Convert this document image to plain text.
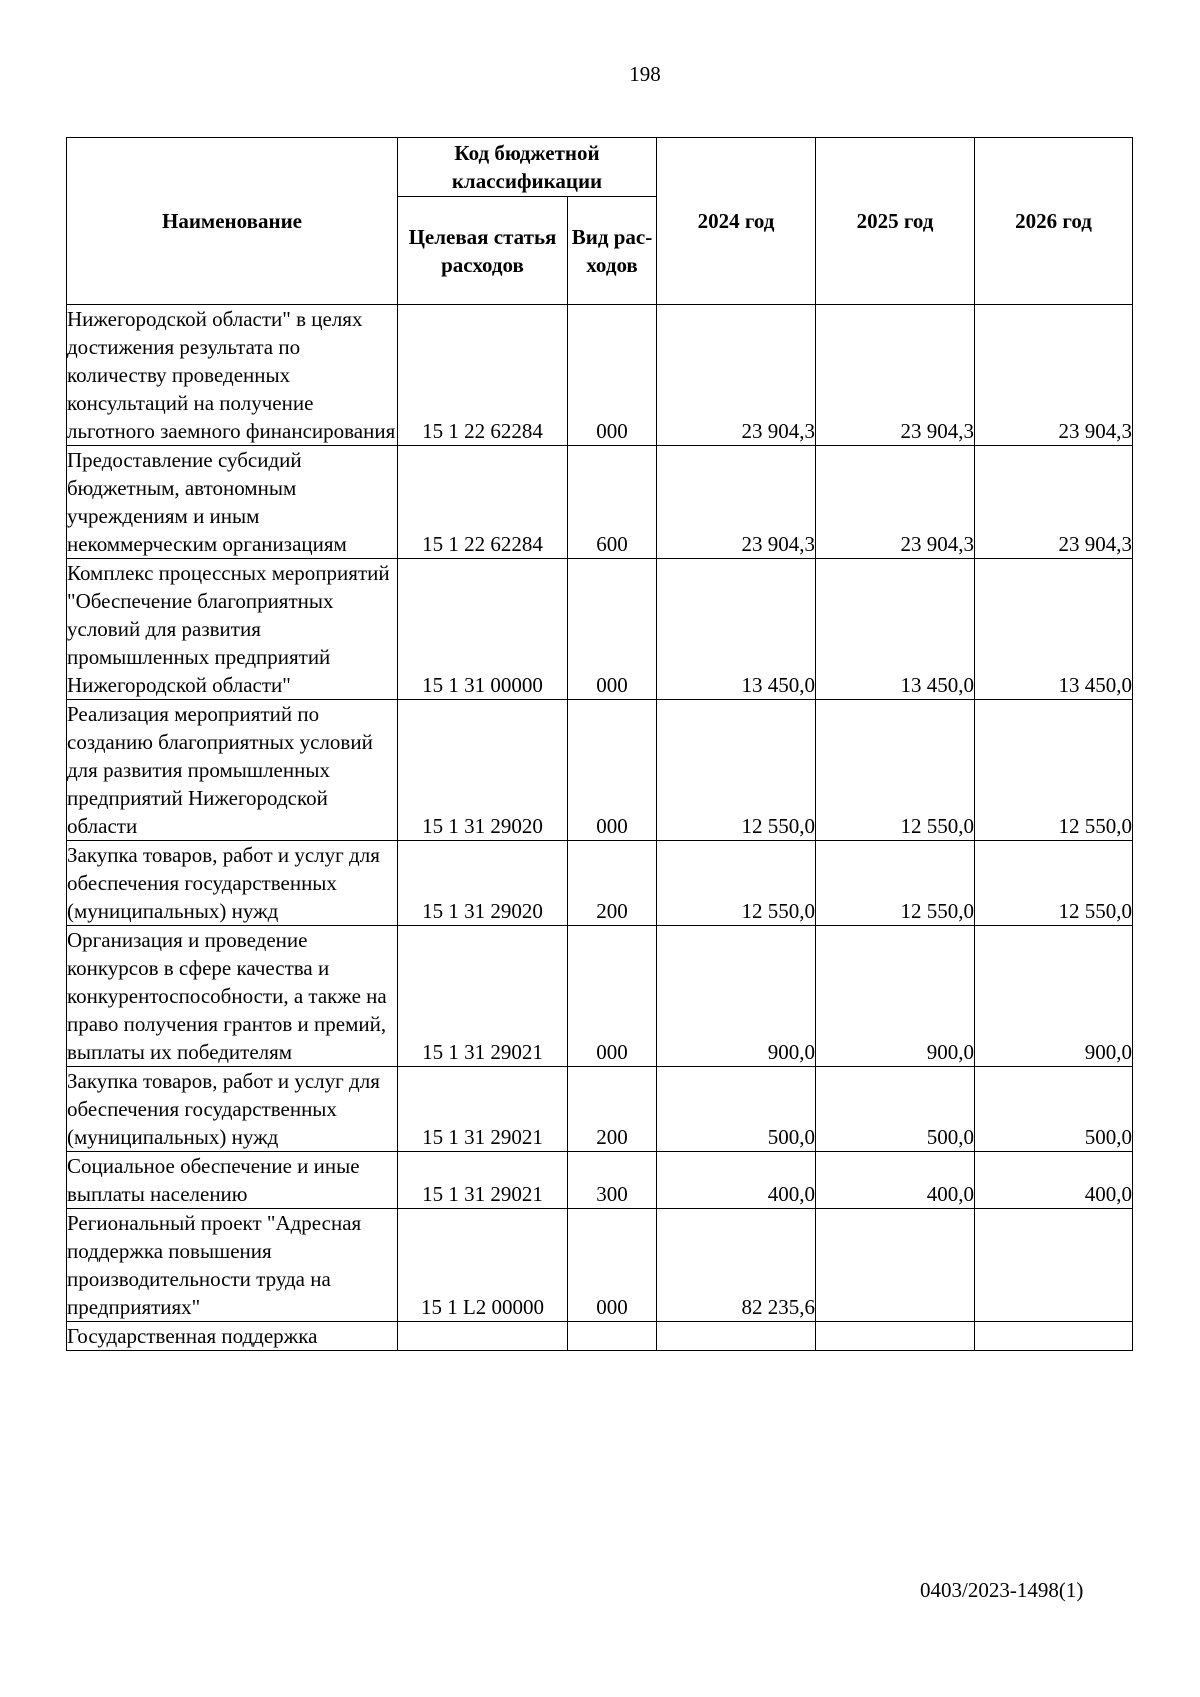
198
Наименование	Код бюджетной классификации		2024 год	2025 год	2026 год
	Целевая статья расходов	Вид рас- ходов			
Нижегородской области" в целях достижения результата по количеству проведенных консультаций на получение льготного заемного финансирования	15 1 22 62284	000	23 904,3	23 904,3	23 904,3
Предоставление субсидий бюджетным, автономным учреждениям и иным некоммерческим организациям	15 1 22 62284	600	23 904,3	23 904,3	23 904,3
Комплекс процессных мероприятий "Обеспечение благоприятных условий для развития промышленных предприятий Нижегородской области"	15 1 31 00000	000	13 450,0	13 450,0	13 450,0
Реализация мероприятий по созданию благоприятных условий для развития промышленных предприятий Нижегородской области	15 1 31 29020	000	12 550,0	12 550,0	12 550,0
Закупка товаров, работ и услуг для обеспечения государственных (муниципальных) нужд	15 1 31 29020	200	12 550,0	12 550,0	12 550,0
Организация и проведение конкурсов в сфере качества и конкурентоспособности, а также на право получения грантов и премий, выплаты их победителям	15 1 31 29021	000	900,0	900,0	900,0
Закупка товаров, работ и услуг для обеспечения государственных (муниципальных) нужд	15 1 31 29021	200	500,0	500,0	500,0
Социальное обеспечение и иные выплаты населению	15 1 31 29021	300	400,0	400,0	400,0
Региональный проект "Адресная поддержка повышения производительности труда на предприятиях"	15 1 L2 00000	000	82 235,6		
Государственная поддержка					
0403/2023-1498(1)
